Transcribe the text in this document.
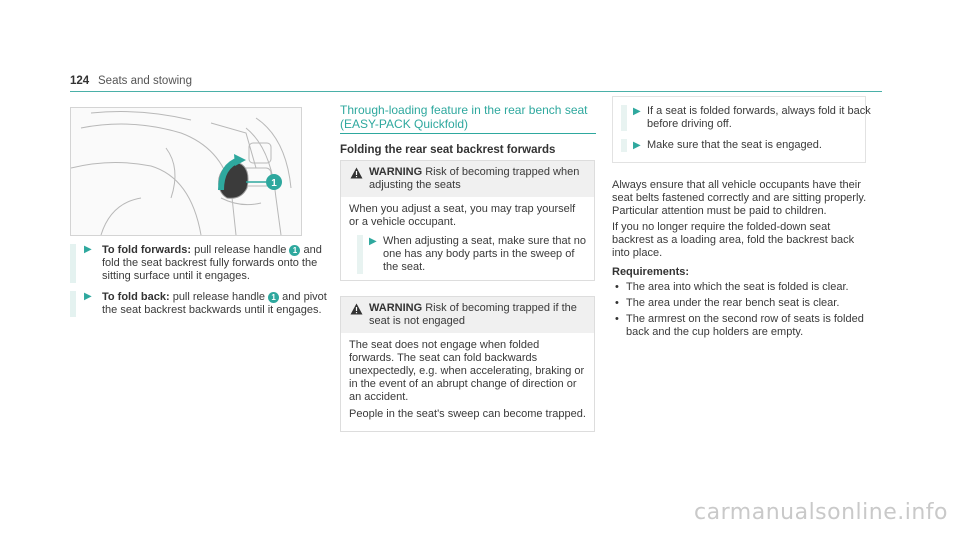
124 Seats and stowing
1
▶ To fold forwards: pull release handle 1 and fold the seat backrest fully forwards onto the sitting surface until it engages.
▶ To fold back: pull release handle 1 and pivot the seat backrest backwards until it engages.
Through-loading feature in the rear bench seat
(EASY-PACK Quickfold)
Folding the rear seat backrest forwards
WARNING Risk of becoming trapped when adjusting the seats

When you adjust a seat, you may trap yourself or a vehicle occupant.

▶ When adjusting a seat, make sure that no one has any body parts in the sweep of the seat.
WARNING Risk of becoming trapped if the seat is not engaged

The seat does not engage when folded forwards. The seat can fold backwards unexpectedly, e.g. when accelerating, braking or in the event of an abrupt change of direction or an accident.

People in the seat's sweep can become trapped.

▶ If a seat is folded forwards, always fold it back before driving off.
▶ Make sure that the seat is engaged.

Always ensure that all vehicle occupants have their seat belts fastened correctly and are sitting properly. Particular attention must be paid to children.

If you no longer require the folded-down seat backrest as a loading area, fold the backrest back into place.

Requirements:
• The area into which the seat is folded is clear.
• The area under the rear bench seat is clear.
• The armrest on the second row of seats is folded back and the cup holders are empty.
carmanualsonline.info
